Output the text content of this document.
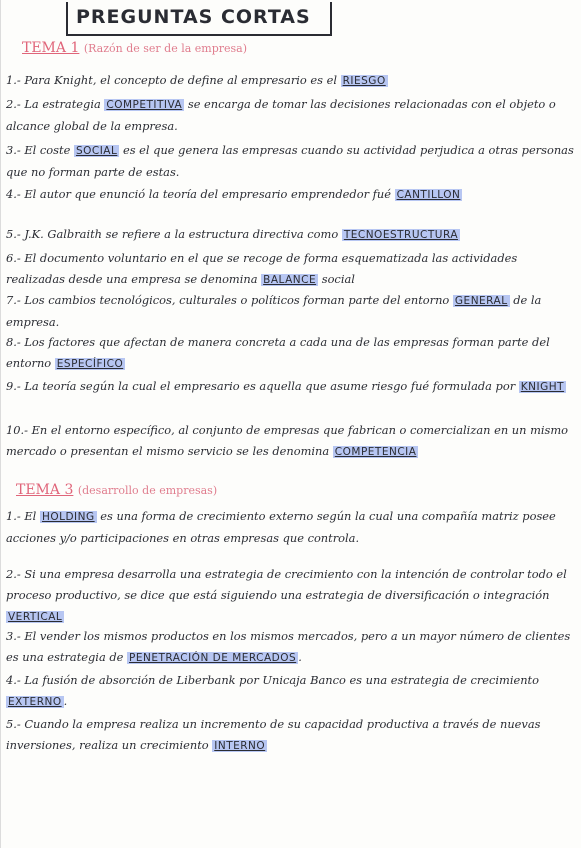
PREGUNTAS CORTAS
TEMA 1 (Razón de ser de la empresa)
1.- Para Knight, el concepto de define al empresario es el RIESGO
2.- La estrategia COMPETITIVA se encarga de tomar las decisiones relacionadas con el objeto o alcance global de la empresa.
3.- El coste SOCIAL es el que genera las empresas cuando su actividad perjudica a otras personas que no forman parte de estas.
4.- El autor que enunció la teoría del empresario emprendedor fué CANTILLON
5.- J.K. Galbraith se refiere a la estructura directiva como TECNOESTRUCTURA
6.- El documento voluntario en el que se recoge de forma esquematizada las actividades realizadas desde una empresa se denomina BALANCE social
7.- Los cambios tecnológicos, culturales o políticos forman parte del entorno GENERAL de la empresa.
8.- Los factores que afectan de manera concreta a cada una de las empresas forman parte del entorno ESPECÍFICO
9.- La teoría según la cual el empresario es aquella que asume riesgo fué formulada por KNIGHT
10.- En el entorno específico, al conjunto de empresas que fabrican o comercializan en un mismo mercado o presentan el mismo servicio se les denomina COMPETENCIA
TEMA 3 (desarrollo de empresas)
1.- El HOLDING es una forma de crecimiento externo según la cual una compañía matriz posee acciones y/o participaciones en otras empresas que controla.
2.- Si una empresa desarrolla una estrategia de crecimiento con la intención de controlar todo el proceso productivo, se dice que está siguiendo una estrategia de diversificación o integración VERTICAL
3.- El vender los mismos productos en los mismos mercados, pero a un mayor número de clientes es una estrategia de PENETRACIÓN DE MERCADOS .
4.- La fusión de absorción de Liberbank por Unicaja Banco es una estrategia de crecimiento EXTERNO .
5.- Cuando la empresa realiza un incremento de su capacidad productiva a través de nuevas inversiones, realiza un crecimiento INTERNO
